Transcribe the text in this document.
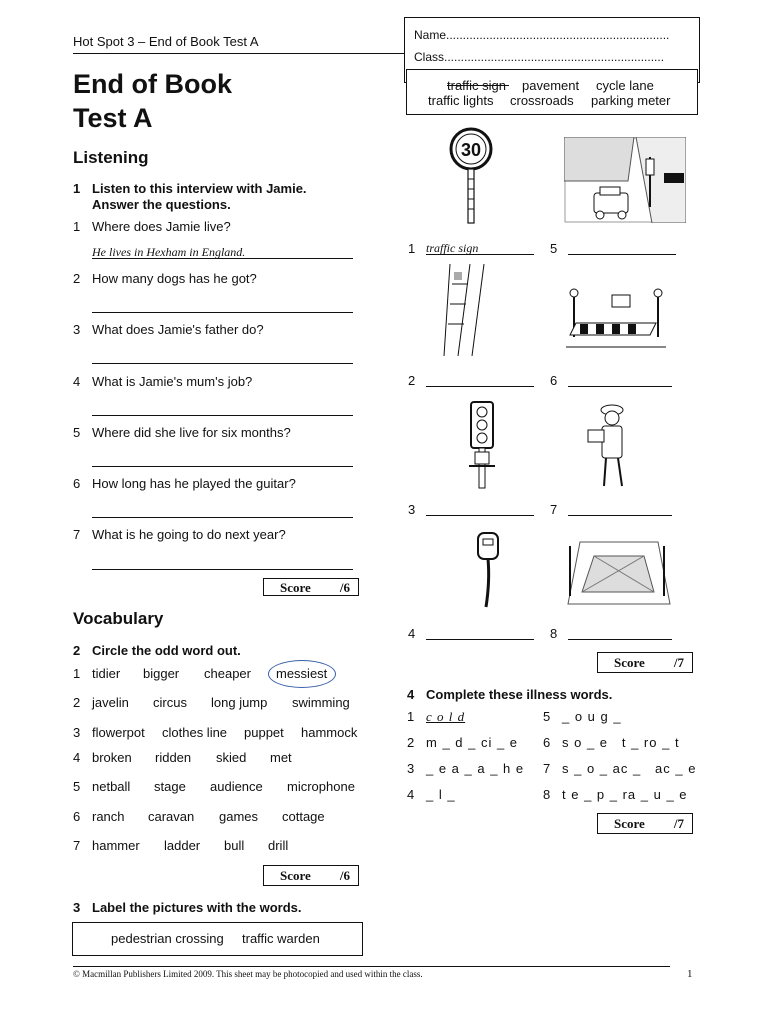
Hot Spot 3 – End of Book Test A	Name...................................................................
Class..................................................................
End of Book
Test A
Listening
1 Listen to this interview with Jamie.
Answer the questions.
1 Where does Jamie live?
He lives in Hexham in England.
2 How many dogs has he got?
3 What does Jamie's father do?
4 What is Jamie's mum's job?
5 Where did she live for six months?
6 How long has he played the guitar?
7 What is he going to do next year?
Score /6
Vocabulary
2 Circle the odd word out.
1 tidier bigger cheaper messiest
2 javelin circus long jump swimming
3 flowerpot clothes line puppet hammock
4 broken ridden skied met
5 netball stage audience microphone
6 ranch caravan games cottage
7 hammer ladder bull drill
Score /6
3 Label the pictures with the words.
pedestrian crossing traffic warden
traffic sign pavement cycle lane
traffic lights crossroads parking meter
30
1 traffic sign	5
2	6
3	7
4	8
Score /7
4 Complete these illness words.
1 c o l d
2 m _ d _ ci _ e
3 _ e a _ a _ h e
4 _ l _
5 _ o u g _
6 s o _ e   t _ ro _ t
7 s _ o _ ac _   ac _ e
8 t e _ p _ ra _ u _ e
Score /7
© Macmillan Publishers Limited 2009. This sheet may be photocopied and used within the class.	1
